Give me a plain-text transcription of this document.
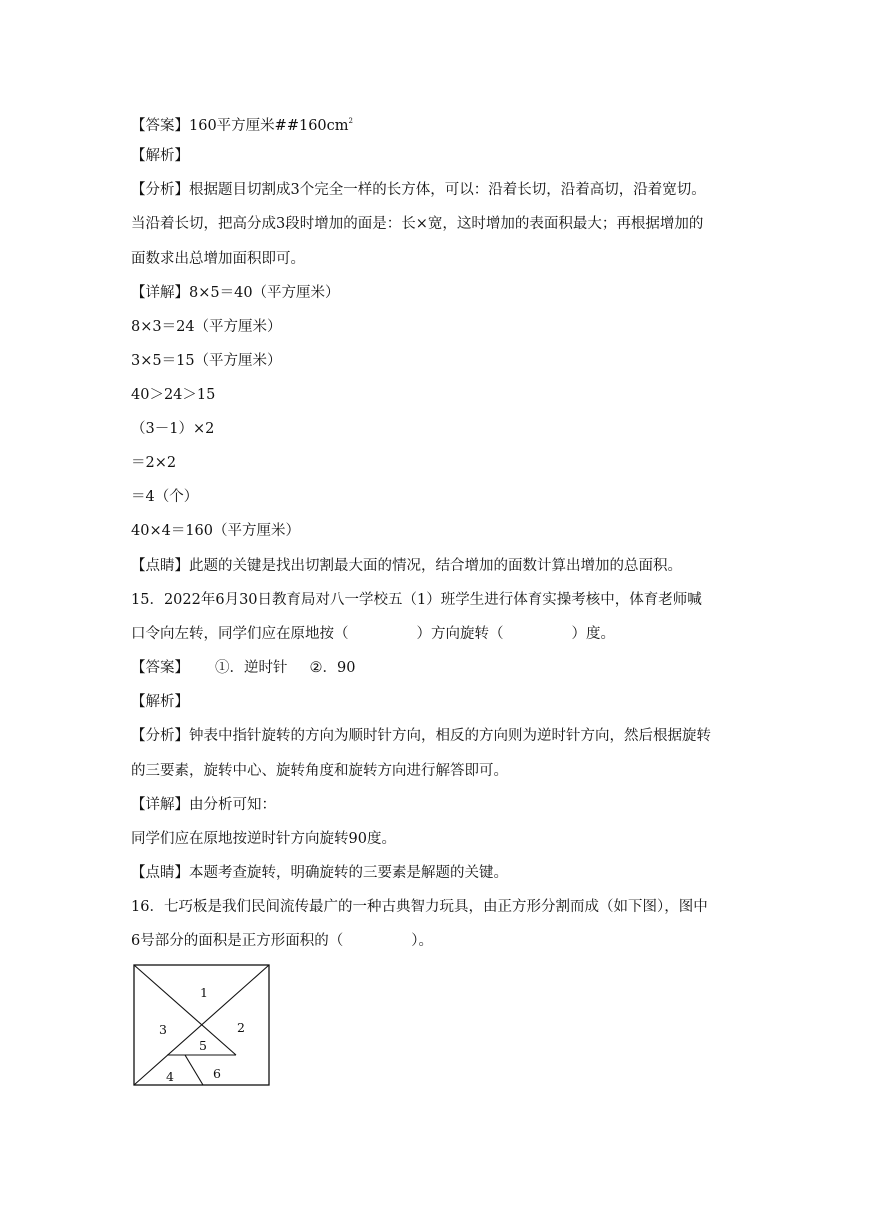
【答案】160平方厘米$\#\#160cm^2$
【解析】
【分析】根据题目切割成3个完全一样的长方体，可以：沿着长切，沿着高切，沿着宽切。
当沿着长切，把高分成3段时增加的面是：长×宽，这时增加的表面积最大；再根据增加的
面数求出总增加面积即可。
【详解】8×5＝40（平方厘米）
8×3＝24（平方厘米）
3×5＝15（平方厘米）
40＞24＞15
（3－1）×2
＝2×2
＝4（个）
40×4＝160（平方厘米）
【点睛】此题的关键是找出切割最大面的情况，结合增加的面数计算出增加的总面积。
15．2022年6月30日教育局对八一学校五（1）班学生进行体育实操考核中，体育老师喊
口令向左转，同学们应在原地按（	）方向旋转（	）度。
【答案】 ①．逆时针 ②．90
【解析】
【分析】钟表中指针旋转的方向为顺时针方向，相反的方向则为逆时针方向，然后根据旋转
的三要素，旋转中心、旋转角度和旋转方向进行解答即可。
【详解】由分析可知：
同学们应在原地按逆时针方向旋转90度。
【点睛】本题考查旋转，明确旋转的三要素是解题的关键。
16．七巧板是我们民间流传最广的一种古典智力玩具，由正方形分割而成（如下图），图中
6号部分的面积是正方形面积的（	）。
1
2
3
4
5
6
